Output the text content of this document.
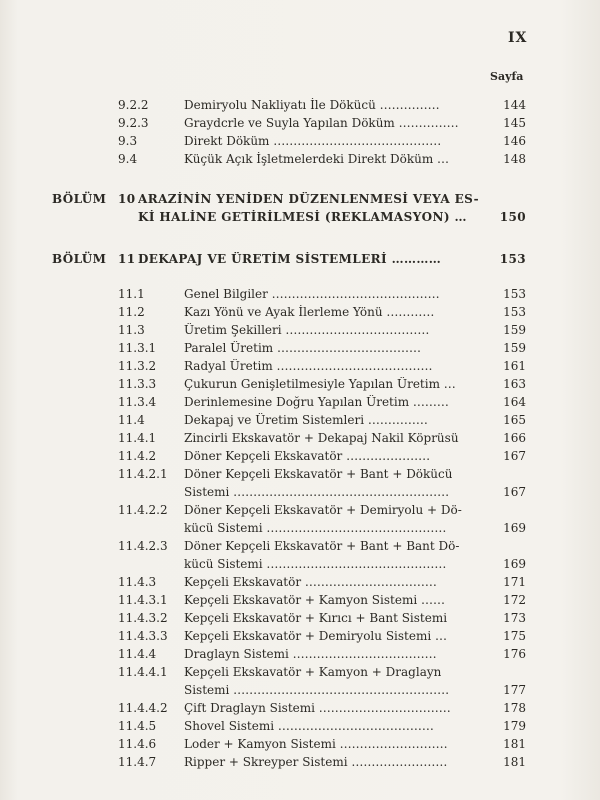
IX
Sayfa
9.2.2	Demiryolu Nakliyatı İle Dökücü ……………	144
9.2.3	Graydcrle ve Suyla Yapılan Döküm ……………	145
9.3	Direkt Döküm ……………………………………	146
9.4	Küçük Açık İşletmelerdeki Direkt Döküm …	148
BÖLÜM 10 ARAZİNİN YENİDEN DÜZENLENMESİ VEYA ES-
Kİ HALİNE GETİRİLMESİ (REKLAMASYON) …	150
BÖLÜM 11 DEKAPAJ VE ÜRETİM SİSTEMLERİ …………	153
11.1	Genel Bilgiler ……………………………………	153
11.2	Kazı Yönü ve Ayak İlerleme Yönü …………	153
11.3	Üretim Şekilleri ………………………………	159
11.3.1 Paralel Üretim ………………………………	159
11.3.2 Radyal Üretim …………………………………	161
11.3.3 Çukurun Genişletilmesiyle Yapılan Üretim …	163
11.3.4 Derinlemesine Doğru Yapılan Üretim ………	164
11.4	Dekapaj ve Üretim Sistemleri ……………	165
11.4.1 Zincirli Ekskavatör + Dekapaj Nakil Köprüsü	166
11.4.2 Döner Kepçeli Ekskavatör …………………	167
11.4.2.1 Döner Kepçeli Ekskavatör + Bant + Dökücü
Sistemi ………………………………………………	167
11.4.2.2 Döner Kepçeli Ekskavatör + Demiryolu + Dö-
kücü Sistemi ………………………………………	169
11.4.2.3 Döner Kepçeli Ekskavatör + Bant + Bant Dö-
kücü Sistemi ………………………………………	169
11.4.3 Kepçeli Ekskavatör ……………………………	171
11.4.3.1 Kepçeli Ekskavatör + Kamyon Sistemi ……	172
11.4.3.2 Kepçeli Ekskavatör + Kırıcı + Bant Sistemi	173
11.4.3.3 Kepçeli Ekskavatör + Demiryolu Sistemi …	175
11.4.4 Draglayn Sistemi ………………………………	176
11.4.4.1 Kepçeli Ekskavatör + Kamyon + Draglayn
Sistemi ………………………………………………	177
11.4.4.2 Çift Draglayn Sistemi ……………………………	178
11.4.5 Shovel Sistemi …………………………………	179
11.4.6 Loder + Kamyon Sistemi ………………………	181
11.4.7 Ripper + Skreyper Sistemi ……………………	181
